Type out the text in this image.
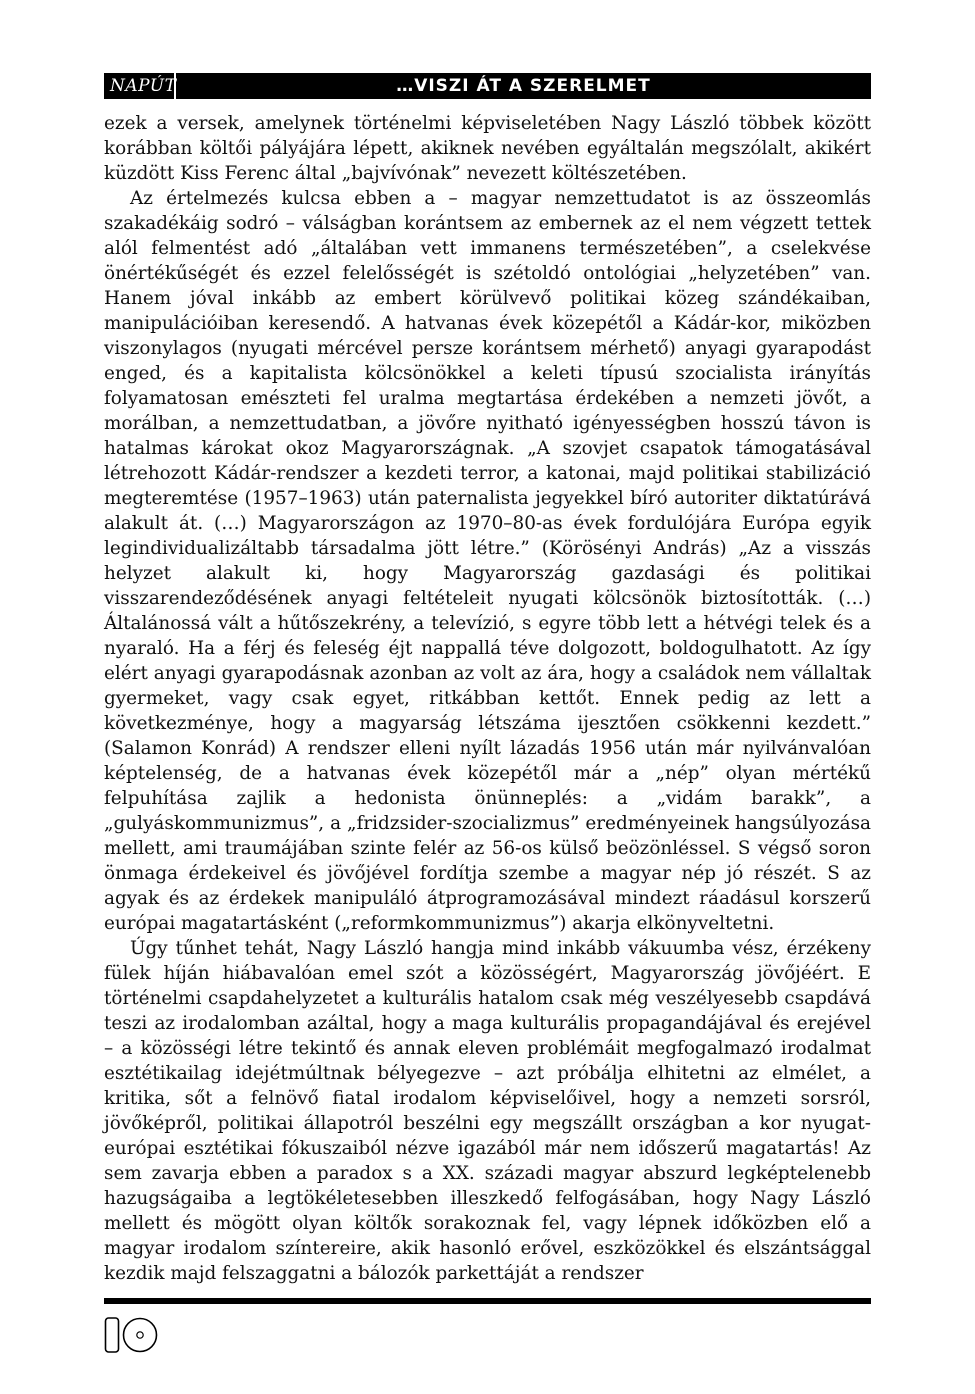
NAPÚT	…VISZI ÁT A SZERELMET

ezek a versek, amelynek történelmi képviseletében Nagy László többek között korábban költői pályájára lépett, akiknek nevében egyáltalán megszólalt, akikért küzdött Kiss Ferenc által „bajvívónak” nevezett költészetében.

Az értelmezés kulcsa ebben a – magyar nemzettudatot is az összeomlás szakadékáig sodró – válságban korántsem az embernek az el nem végzett tettek alól felmentést adó „általában vett immanens természetében”, a cselekvése önértékűségét és ezzel felelősségét is szétoldó ontológiai „helyzetében” van. Hanem jóval inkább az embert körülvevő politikai közeg szándékaiban, manipulációiban keresendő. A hatvanas évek közepétől a Kádár-kor, miközben viszonylagos (nyugati mércével persze korántsem mérhető) anyagi gyarapodást enged, és a kapitalista kölcsönökkel a keleti típusú szocialista irányítás folyamatosan emészteti fel uralma megtartása érdekében a nemzeti jövőt, a morálban, a nemzettudatban, a jövőre nyitható igényességben hosszú távon is hatalmas károkat okoz Magyarországnak. „A szovjet csapatok támogatásával létrehozott Kádár-rendszer a kezdeti terror, a katonai, majd politikai stabilizáció megteremtése (1957–1963) után paternalista jegyekkel bíró autoriter diktatúrává alakult át. (…) Magyarországon az 1970–80-as évek fordulójára Európa egyik legindividualizáltabb társadalma jött létre.” (Körösényi András) „Az a visszás helyzet alakult ki, hogy Magyarország gazdasági és politikai visszarendeződésének anyagi feltételeit nyugati kölcsönök biztosították. (…) Általánossá vált a hűtőszekrény, a televízió, s egyre több lett a hétvégi telek és a nyaraló. Ha a férj és feleség éjt nappallá téve dolgozott, boldogulhatott. Az így elért anyagi gyarapodásnak azonban az volt az ára, hogy a családok nem vállaltak gyermeket, vagy csak egyet, ritkábban kettőt. Ennek pedig az lett a következménye, hogy a magyarság létszáma ijesztően csökkenni kezdett.” (Salamon Konrád) A rendszer elleni nyílt lázadás 1956 után már nyilvánvalóan képtelenség, de a hatvanas évek közepétől már a „nép” olyan mértékű felpuhítása zajlik a hedonista önünneplés: a „vidám barakk”, a „gulyáskommunizmus”, a „fridzsider-szocializmus” eredményeinek hangsúlyozása mellett, ami traumájában szinte felér az 56-os külső beözönléssel. S végső soron önmaga érdekeivel és jövőjével fordítja szembe a magyar nép jó részét. S az agyak és az érdekek manipuláló átprogramozásával mindezt ráadásul korszerű európai magatartásként („reformkommunizmus”) akarja elkönyveltetni.

Úgy tűnhet tehát, Nagy László hangja mind inkább vákuumba vész, érzékeny fülek híján hiábavalóan emel szót a közösségért, Magyarország jövőjéért. E történelmi csapdahelyzetet a kulturális hatalom csak még veszélyesebb csapdává teszi az irodalomban azáltal, hogy a maga kulturális propagandájával és erejével – a közösségi létre tekintő és annak eleven problémáit megfogalmazó irodalmat esztétikailag idejétmúltnak bélyegezve – azt próbálja elhitetni az elmélet, a kritika, sőt a felnövő fiatal irodalom képviselőivel, hogy a nemzeti sorsról, jövőképről, politikai állapotról beszélni egy megszállt országban a kor nyugat-európai esztétikai fókuszaiból nézve igazából már nem időszerű magatartás! Az sem zavarja ebben a paradox s a XX. századi magyar abszurd legképtelenebb hazugságaiba a legtökéletesebben illeszkedő felfogásában, hogy Nagy László mellett és mögött olyan költők sorakoznak fel, vagy lépnek időközben elő a magyar irodalom színtereire, akik hasonló erővel, eszközökkel és elszántsággal kezdik majd felszaggatni a bálozók parkettáját a rendszer
